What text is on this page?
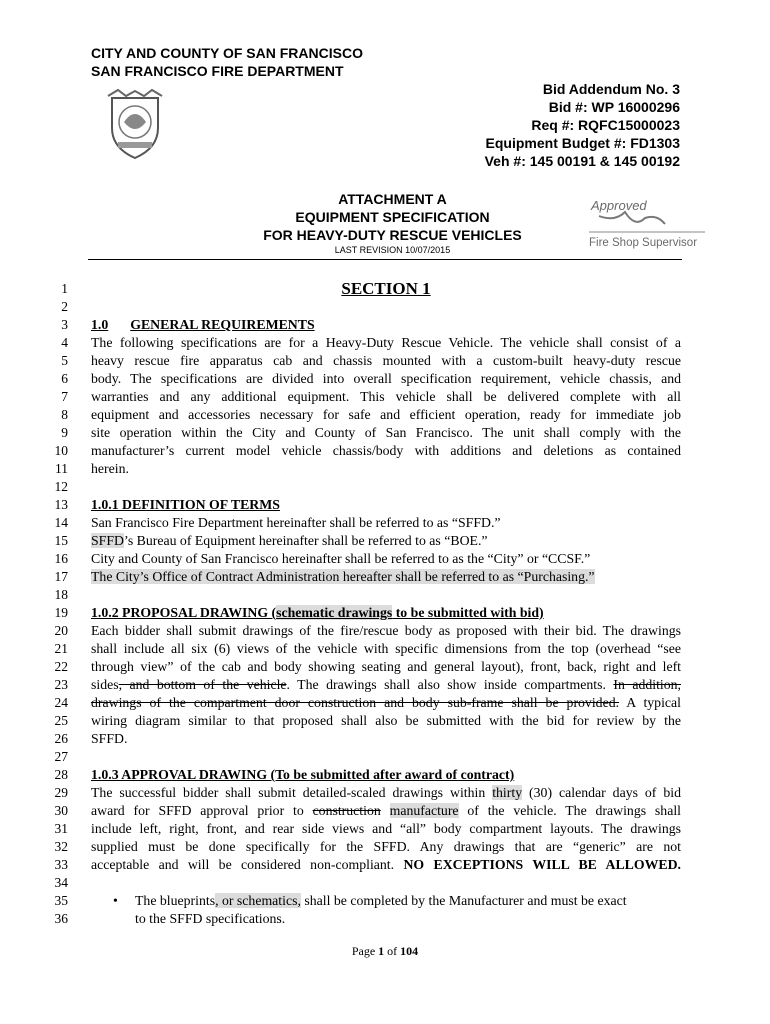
CITY AND COUNTY OF SAN FRANCISCO
SAN FRANCISCO FIRE DEPARTMENT
Bid Addendum No. 3
Bid #: WP 16000296
Req #: RQFC15000023
Equipment Budget #: FD1303
Veh #: 145 00191 & 145 00192
ATTACHMENT A
EQUIPMENT SPECIFICATION
FOR HEAVY-DUTY RESCUE VEHICLES
LAST REVISION 10/07/2015
Approved
Fire Shop Supervisor
1
2
3
4
5
6
7
8
9
10
11
12
13
14
15
16
17
18
19
20
21
22
23
24
25
26
27
28
29
30
31
32
33
34
35
36
SECTION 1
1.0 GENERAL REQUIREMENTS
The following specifications are for a Heavy-Duty Rescue Vehicle. The vehicle shall consist of a
heavy rescue fire apparatus cab and chassis mounted with a custom-built heavy-duty rescue
body. The specifications are divided into overall specification requirement, vehicle chassis, and
warranties and any additional equipment. This vehicle shall be delivered complete with all
equipment and accessories necessary for safe and efficient operation, ready for immediate job
site operation within the City and County of San Francisco. The unit shall comply with the
manufacturer’s current model vehicle chassis/body with additions and deletions as contained
herein.
1.0.1 DEFINITION OF TERMS
San Francisco Fire Department hereinafter shall be referred to as “SFFD.”
SFFD’s Bureau of Equipment hereinafter shall be referred to as “BOE.”
City and County of San Francisco hereinafter shall be referred to as the “City” or “CCSF.”
The City’s Office of Contract Administration hereafter shall be referred to as “Purchasing.”
1.0.2 PROPOSAL DRAWING (schematic drawings to be submitted with bid)
Each bidder shall submit drawings of the fire/rescue body as proposed with their bid. The drawings
shall include all six (6) views of the vehicle with specific dimensions from the top (overhead “see
through view” of the cab and body showing seating and general layout), front, back, right and left
sides, and bottom of the vehicle. The drawings shall also show inside compartments. In addition,
drawings of the compartment door construction and body sub-frame shall be provided. A typical
wiring diagram similar to that proposed shall also be submitted with the bid for review by the
SFFD.
1.0.3 APPROVAL DRAWING (To be submitted after award of contract)
The successful bidder shall submit detailed-scaled drawings within thirty (30) calendar days of bid
award for SFFD approval prior to construction manufacture of the vehicle. The drawings shall
include left, right, front, and rear side views and “all” body compartment layouts. The drawings
supplied must be done specifically for the SFFD. Any drawings that are “generic” are not
acceptable and will be considered non-compliant. NO EXCEPTIONS WILL BE ALLOWED.
• The blueprints, or schematics, shall be completed by the Manufacturer and must be exact
to the SFFD specifications.
Page 1 of 104
